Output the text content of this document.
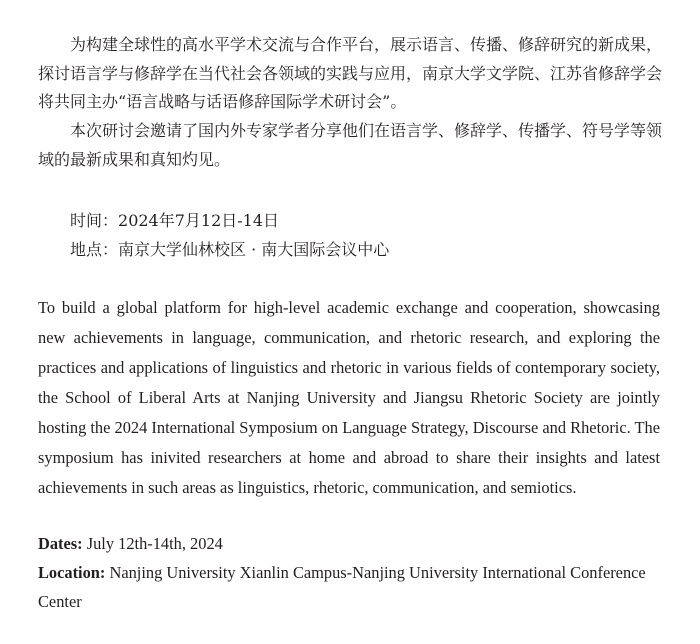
为构建全球性的高水平学术交流与合作平台，展示语言、传播、修辞研究的新成果，探讨语言学与修辞学在当代社会各领域的实践与应用，南京大学文学院、江苏省修辞学会将共同主办“语言战略与话语修辞国际学术研讨会”。

本次研讨会邀请了国内外专家学者分享他们在语言学、修辞学、传播学、符号学等领域的最新成果和真知灼见。

时间：2024年7月12日-14日

地点：南京大学仙林校区 · 南大国际会议中心

To build a global platform for high-level academic exchange and cooperation, showcasing new achievements in language, communication, and rhetoric research, and exploring the practices and applications of linguistics and rhetoric in various fields of contemporary society, the School of Liberal Arts at Nanjing University and Jiangsu Rhetoric Society are jointly hosting the 2024 International Symposium on Language Strategy, Discourse and Rhetoric. The symposium has inivited researchers at home and abroad to share their insights and latest achievements in such areas as linguistics, rhetoric, communication, and semiotics.

Dates: July 12th-14th, 2024

Location: Nanjing University Xianlin Campus-Nanjing University International Conference Center
